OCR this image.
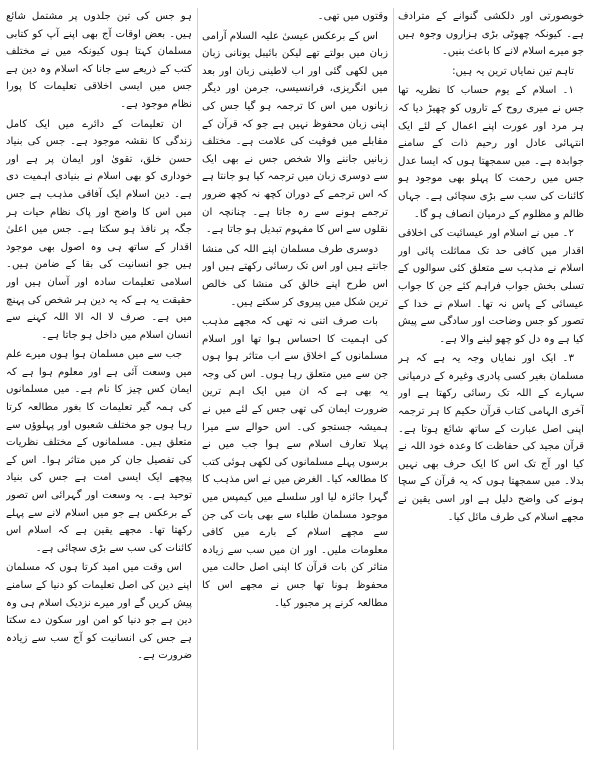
خوبصورتی اور دلکشی گنوانے کے مترادف ہے۔ کیونکہ چھوٹی بڑی ہزاروں وجوہ ہیں جو میرے اسلام لانے کا باعث بنیں۔

تاہم تین نمایاں ترین یہ ہیں:

۱۔ اسلام کے یوم حساب کا نظریہ تھا جس نے میری روح کے تاروں کو چھیڑ دیا کہ ہر مرد اور عورت اپنے اعمال کے لئے ایک انتہائی عادل اور رحیم ذات کے سامنے جوابدہ ہے۔ میں سمجھتا ہوں کہ ایسا عدل جس میں رحمت کا پہلو بھی موجود ہو کائنات کی سب سے بڑی سچائی ہے۔ جہاں ظالم و مظلوم کے درمیان انصاف ہو گا۔

۲۔ میں نے اسلام اور عیسائیت کی اخلاقی اقدار میں کافی حد تک مماثلت پائی اور اسلام نے مذہب سے متعلق کئی سوالوں کے تسلی بخش جواب فراہم کئے جن کا جواب عیسائی کے پاس نہ تھا۔ اسلام نے خدا کے تصور کو جس وضاحت اور سادگی سے پیش کیا ہے وہ دل کو چھو لینے والا ہے۔

۳۔ ایک اور نمایاں وجہ یہ ہے کہ ہر مسلمان بغیر کسی پادری وغیرہ کے درمیانی سہارے کے اللہ تک رسائی رکھتا ہے اور آخری الہامی کتاب قرآن حکیم کا ہر ترجمہ اپنی اصل عبارت کے ساتھ شائع ہوتا ہے۔ قرآن مجید کی حفاظت کا وعدہ خود اللہ نے کیا اور آج تک اس کا ایک حرف بھی نہیں بدلا۔ میں سمجھتا ہوں کہ یہ قرآن کے سچا ہونے کی واضح دلیل ہے اور اسی یقین نے مجھے اسلام کی طرف مائل کیا۔

وقتوں میں تھی۔

اس کے برعکس عیسیٰ علیہ السلام آرامی زبان میں بولتے تھے لیکن بائیبل یونانی زبان میں لکھی گئی اور اب لاطینی زبان اور بعد میں انگریزی، فرانسیسی، جرمن اور دیگر زبانوں میں اس کا ترجمہ ہو گیا جس کی اپنی زبان محفوظ نہیں ہے جو کہ قرآن کے مقابلے میں فوقیت کی علامت ہے۔ مختلف زبانیں جاننے والا شخص جس نے بھی ایک سے دوسری زبان میں ترجمہ کیا ہو جانتا ہے کہ اس ترجمے کے دوران کچھ نہ کچھ ضرور ترجمے ہونے سے رہ جاتا ہے۔ چنانچہ ان نقلوں سے اس کا مفہوم تبدیل ہو جاتا ہے۔

دوسری طرف مسلمان اپنے اللہ کی منشا جانتے ہیں اور اس تک رسائی رکھتے ہیں اور اس طرح اپنے خالق کی منشا کی خالص ترین شکل میں پیروی کر سکتے ہیں۔

بات صرف اتنی نہ تھی کہ مجھے مذہب کی اہمیت کا احساس ہوا تھا اور اسلام مسلمانوں کے اخلاق سے اب متاثر ہوا ہوں جن سے میں متعلق رہا ہوں۔ اس کی وجہ یہ بھی ہے کہ ان میں ایک اہم ترین ضرورت ایمان کی تھی جس کے لئے میں نے ہمیشہ جستجو کی۔ اس حوالے سے میرا پہلا تعارف اسلام سے ہوا جب میں نے برسوں پہلے مسلمانوں کی لکھی ہوئی کتب کا مطالعہ کیا۔ الغرض میں نے اس مذہب کا گہرا جائزہ لیا اور سلسلے میں کیمپس میں موجود مسلمان طلباء سے بھی بات کی جن سے مجھے اسلام کے بارے میں کافی معلومات ملیں۔ اور ان میں سب سے زیادہ متاثر کن بات قرآن کا اپنی اصل حالت میں محفوظ ہونا تھا جس نے مجھے اس کا مطالعہ کرنے پر مجبور کیا۔

ہو جس کی تین جلدوں پر مشتمل شائع ہیں۔ بعض اوقات آج بھی اپنے آپ کو کتابی مسلمان کہتا ہوں کیونکہ میں نے مختلف کتب کے ذریعے سے جانا کہ اسلام وہ دین ہے جس میں ایسی اخلاقی تعلیمات کا پورا نظام موجود ہے۔

ان تعلیمات کے دائرے میں ایک کامل زندگی کا نقشہ موجود ہے۔ جس کی بنیاد حسن خلق، تقویٰ اور ایمان پر ہے اور خوداری کو بھی اسلام نے بنیادی اہمیت دی ہے۔ دین اسلام ایک آفاقی مذہب ہے جس میں اس کا واضح اور پاک نظام حیات ہر جگہ پر نافذ ہو سکتا ہے۔ جس میں اعلیٰ اقدار کے ساتھ ہی وہ اصول بھی موجود ہیں جو انسانیت کی بقا کے ضامن ہیں۔ اسلامی تعلیمات سادہ اور آسان ہیں اور حقیقت یہ ہے کہ یہ دین ہر شخص کی پہنچ میں ہے۔ صرف لا الہ الا اللہ کہنے سے انسان اسلام میں داخل ہو جاتا ہے۔

جب سے میں مسلمان ہوا ہوں میرے علم میں وسعت آئی ہے اور معلوم ہوا ہے کہ ایمان کس چیز کا نام ہے۔ میں مسلمانوں کی ہمہ گیر تعلیمات کا بغور مطالعہ کرتا رہا ہوں جو مختلف شعبوں اور پہلوؤں سے متعلق ہیں۔ مسلمانوں کے مختلف نظریات کی تفصیل جان کر میں متاثر ہوا۔ اس کے پیچھے ایک ایسی امت ہے جس کی بنیاد توحید ہے۔ یہ وسعت اور گہرائی اس تصور کے برعکس ہے جو میں اسلام لانے سے پہلے رکھتا تھا۔ مجھے یقین ہے کہ اسلام اس کائنات کی سب سے بڑی سچائی ہے۔

اس وقت میں امید کرتا ہوں کہ مسلمان اپنے دین کی اصل تعلیمات کو دنیا کے سامنے پیش کریں گے اور میرے نزدیک اسلام ہی وہ دین ہے جو دنیا کو امن اور سکون دے سکتا ہے جس کی انسانیت کو آج سب سے زیادہ ضرورت ہے۔
